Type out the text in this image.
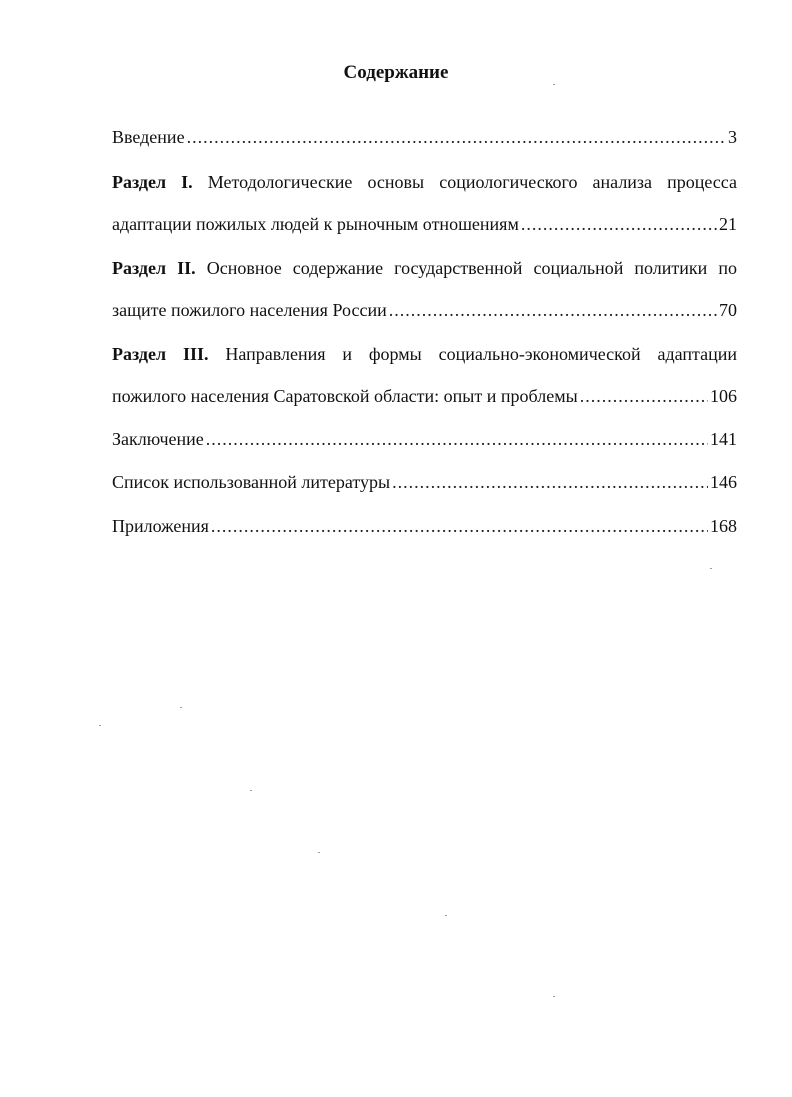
Содержание
Введение .....	3
Раздел I. Методологические основы социологического анализа процесса
адаптации пожилых людей к рыночным отношениям .....	21
Раздел II. Основное содержание государственной социальной политики по
защите пожилого населения России .....	70
Раздел III. Направления и формы социально-экономической адаптации
пожилого населения Саратовской области: опыт и проблемы .....	106
Заключение .....	141
Список использованной литературы .....	146
Приложения .....	168
